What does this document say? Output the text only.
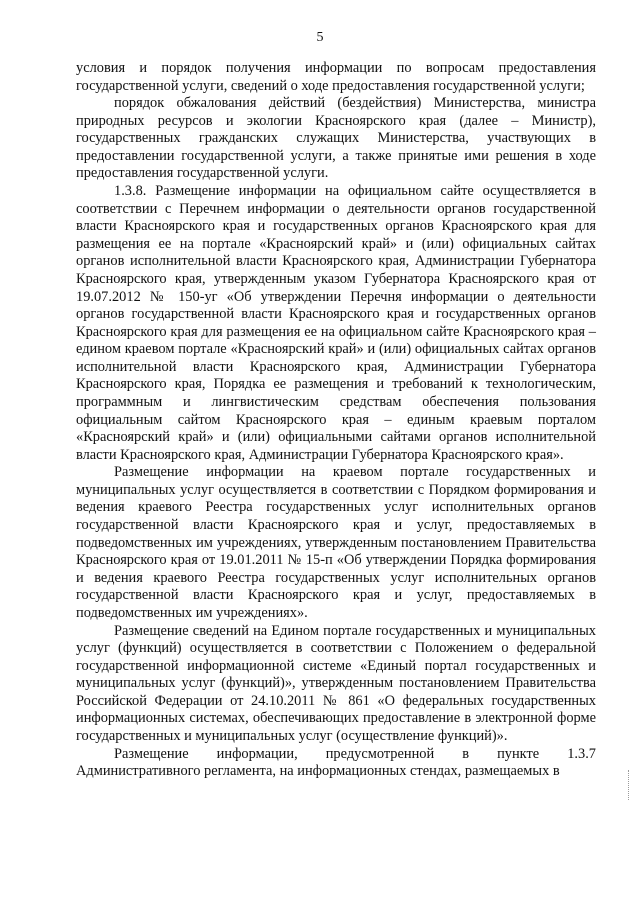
5

условия и порядок получения информации по вопросам предоставления государственной услуги, сведений о ходе предоставления государственной услуги;

порядок обжалования действий (бездействия) Министерства, министра природных ресурсов и экологии Красноярского края (далее – Министр), государственных гражданских служащих Министерства, участвующих в предоставлении государственной услуги, а также принятые ими решения в ходе предоставления государственной услуги.

1.3.8. Размещение информации на официальном сайте осуществляется в соответствии с Перечнем информации о деятельности органов государственной власти Красноярского края и государственных органов Красноярского края для размещения ее на портале «Красноярский край» и (или) официальных сайтах органов исполнительной власти Красноярского края, Администрации Губернатора Красноярского края, утвержденным указом Губернатора Красноярского края от 19.07.2012 № 150-уг «Об утверждении Перечня информации о деятельности органов государственной власти Красноярского края и государственных органов Красноярского края для размещения ее на официальном сайте Красноярского края – едином краевом портале «Красноярский край» и (или) официальных сайтах органов исполнительной власти Красноярского края, Администрации Губернатора Красноярского края, Порядка ее размещения и требований к технологическим, программным и лингвистическим средствам обеспечения пользования официальным сайтом Красноярского края – единым краевым порталом «Красноярский край» и (или) официальными сайтами органов исполнительной власти Красноярского края, Администрации Губернатора Красноярского края».

Размещение информации на краевом портале государственных и муниципальных услуг осуществляется в соответствии с Порядком формирования и ведения краевого Реестра государственных услуг исполнительных органов государственной власти Красноярского края и услуг, предоставляемых в подведомственных им учреждениях, утвержденным постановлением Правительства Красноярского края от 19.01.2011 № 15-п «Об утверждении Порядка формирования и ведения краевого Реестра государственных услуг исполнительных органов государственной власти Красноярского края и услуг, предоставляемых в подведомственных им учреждениях».

Размещение сведений на Едином портале государственных и муниципальных услуг (функций) осуществляется в соответствии с Положением о федеральной государственной информационной системе «Единый портал государственных и муниципальных услуг (функций)», утвержденным постановлением Правительства Российской Федерации от 24.10.2011 № 861 «О федеральных государственных информационных системах, обеспечивающих предоставление в электронной форме государственных и муниципальных услуг (осуществление функций)».

Размещение информации, предусмотренной в пункте 1.3.7 Административного регламента, на информационных стендах, размещаемых в
